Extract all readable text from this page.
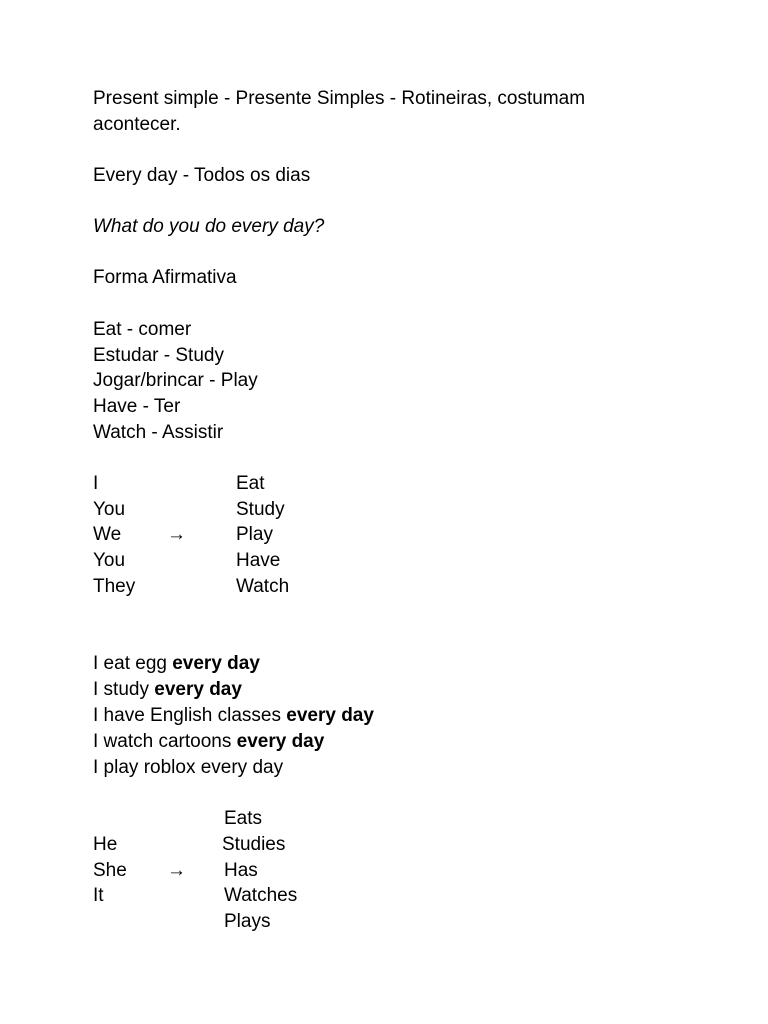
Present simple - Presente Simples - Rotineiras, costumam
acontecer.
Every day - Todos os dias
What do you do every day?
Forma Afirmativa
Eat - comer
Estudar - Study
Jogar/brincar - Play
Have - Ter
Watch - Assistir
I
You
We
You
They
→
Eat
Study
Play
Have
Watch
I eat egg every day
I study every day
I have English classes every day
I watch cartoons every day
I play roblox every day
He
She
It
→
Eats
Studies
Has
Watches
Plays
